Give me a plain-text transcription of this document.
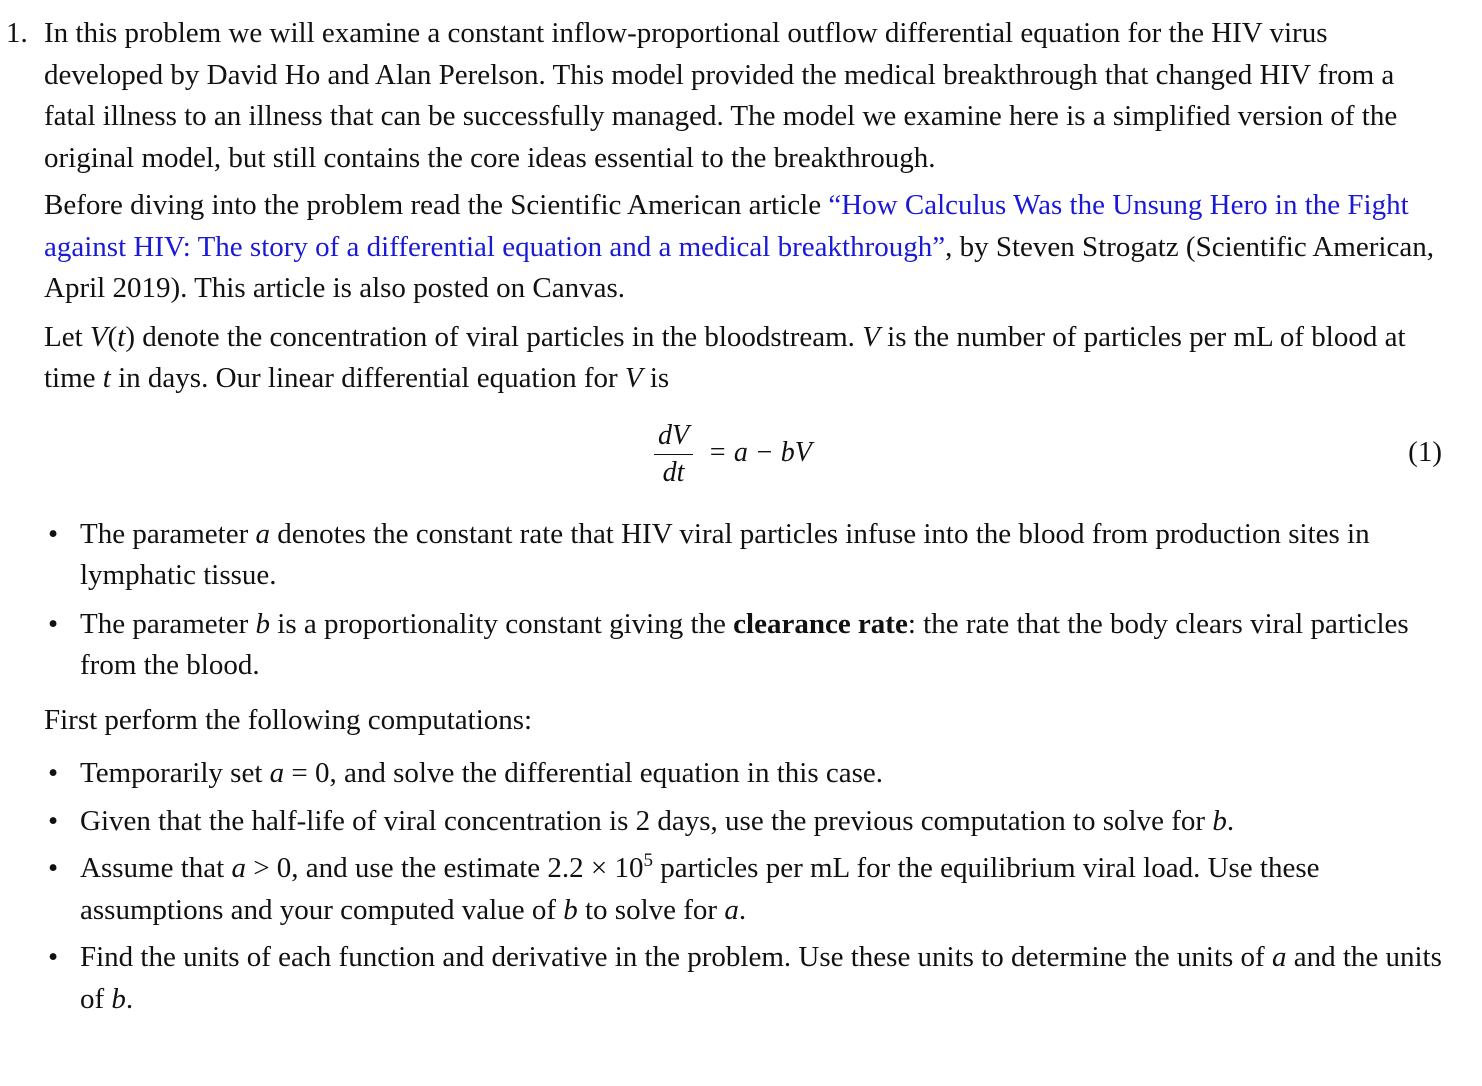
1. In this problem we will examine a constant inflow-proportional outflow differential equation for the HIV virus developed by David Ho and Alan Perelson. This model provided the medical breakthrough that changed HIV from a fatal illness to an illness that can be successfully managed. The model we examine here is a simplified version of the original model, but still contains the core ideas essential to the breakthrough.

Before diving into the problem read the Scientific American article “How Calculus Was the Unsung Hero in the Fight against HIV: The story of a differential equation and a medical breakthrough”, by Steven Strogatz (Scientific American, April 2019). This article is also posted on Canvas.

Let V(t) denote the concentration of viral particles in the bloodstream. V is the number of particles per mL of blood at time t in days. Our linear differential equation for V is

$\frac{dV}{dt} = a$ − bV	(1)
• The parameter a denotes the constant rate that HIV viral particles infuse into the blood from production sites in lymphatic tissue.
• The parameter b is a proportionality constant giving the clearance rate: the rate that the body clears viral particles from the blood.

First perform the following computations:

• Temporarily set a = 0, and solve the differential equation in this case.
• Given that the half-life of viral concentration is 2 days, use the previous computation to solve for b.
• Assume that a > 0, and use the estimate $2.2 \times 10^5$ particles per mL for the equilibrium viral load. Use these assumptions and your computed value of b to solve for a.
• Find the units of each function and derivative in the problem. Use these units to determine the units of a and the units of b.
